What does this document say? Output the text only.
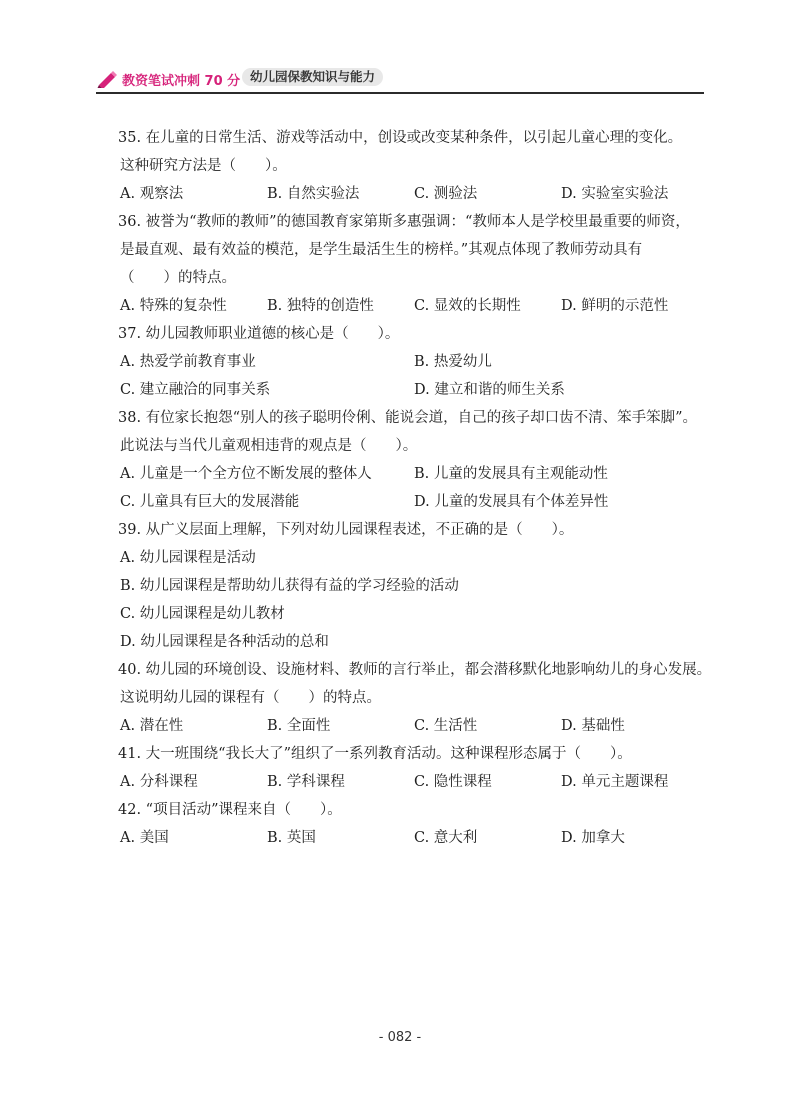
教资笔试冲刺 70 分 幼儿园保教知识与能力
35. 在儿童的日常生活、游戏等活动中，创设或改变某种条件，以引起儿童心理的变化。
这种研究方法是（　　）。
A. 观察法	B. 自然实验法	C. 测验法	D. 实验室实验法
36. 被誉为“教师的教师”的德国教育家第斯多惠强调：“教师本人是学校里最重要的师资，
是最直观、最有效益的模范，是学生最活生生的榜样。”其观点体现了教师劳动具有
（　　）的特点。
A. 特殊的复杂性	B. 独特的创造性	C. 显效的长期性	D. 鲜明的示范性
37. 幼儿园教师职业道德的核心是（　　）。
A. 热爱学前教育事业	B. 热爱幼儿
C. 建立融洽的同事关系	D. 建立和谐的师生关系
38. 有位家长抱怨“别人的孩子聪明伶俐、能说会道，自己的孩子却口齿不清、笨手笨脚”。
此说法与当代儿童观相违背的观点是（　　）。
A. 儿童是一个全方位不断发展的整体人	B. 儿童的发展具有主观能动性
C. 儿童具有巨大的发展潜能	D. 儿童的发展具有个体差异性
39. 从广义层面上理解，下列对幼儿园课程表述，不正确的是（　　）。
A. 幼儿园课程是活动
B. 幼儿园课程是帮助幼儿获得有益的学习经验的活动
C. 幼儿园课程是幼儿教材
D. 幼儿园课程是各种活动的总和
40. 幼儿园的环境创设、设施材料、教师的言行举止，都会潜移默化地影响幼儿的身心发展。
这说明幼儿园的课程有（　　）的特点。
A. 潜在性	B. 全面性	C. 生活性	D. 基础性
41. 大一班围绕“我长大了”组织了一系列教育活动。这种课程形态属于（　　）。
A. 分科课程	B. 学科课程	C. 隐性课程	D. 单元主题课程
42. “项目活动”课程来自（　　）。
A. 美国	B. 英国	C. 意大利	D. 加拿大
- 082 -
